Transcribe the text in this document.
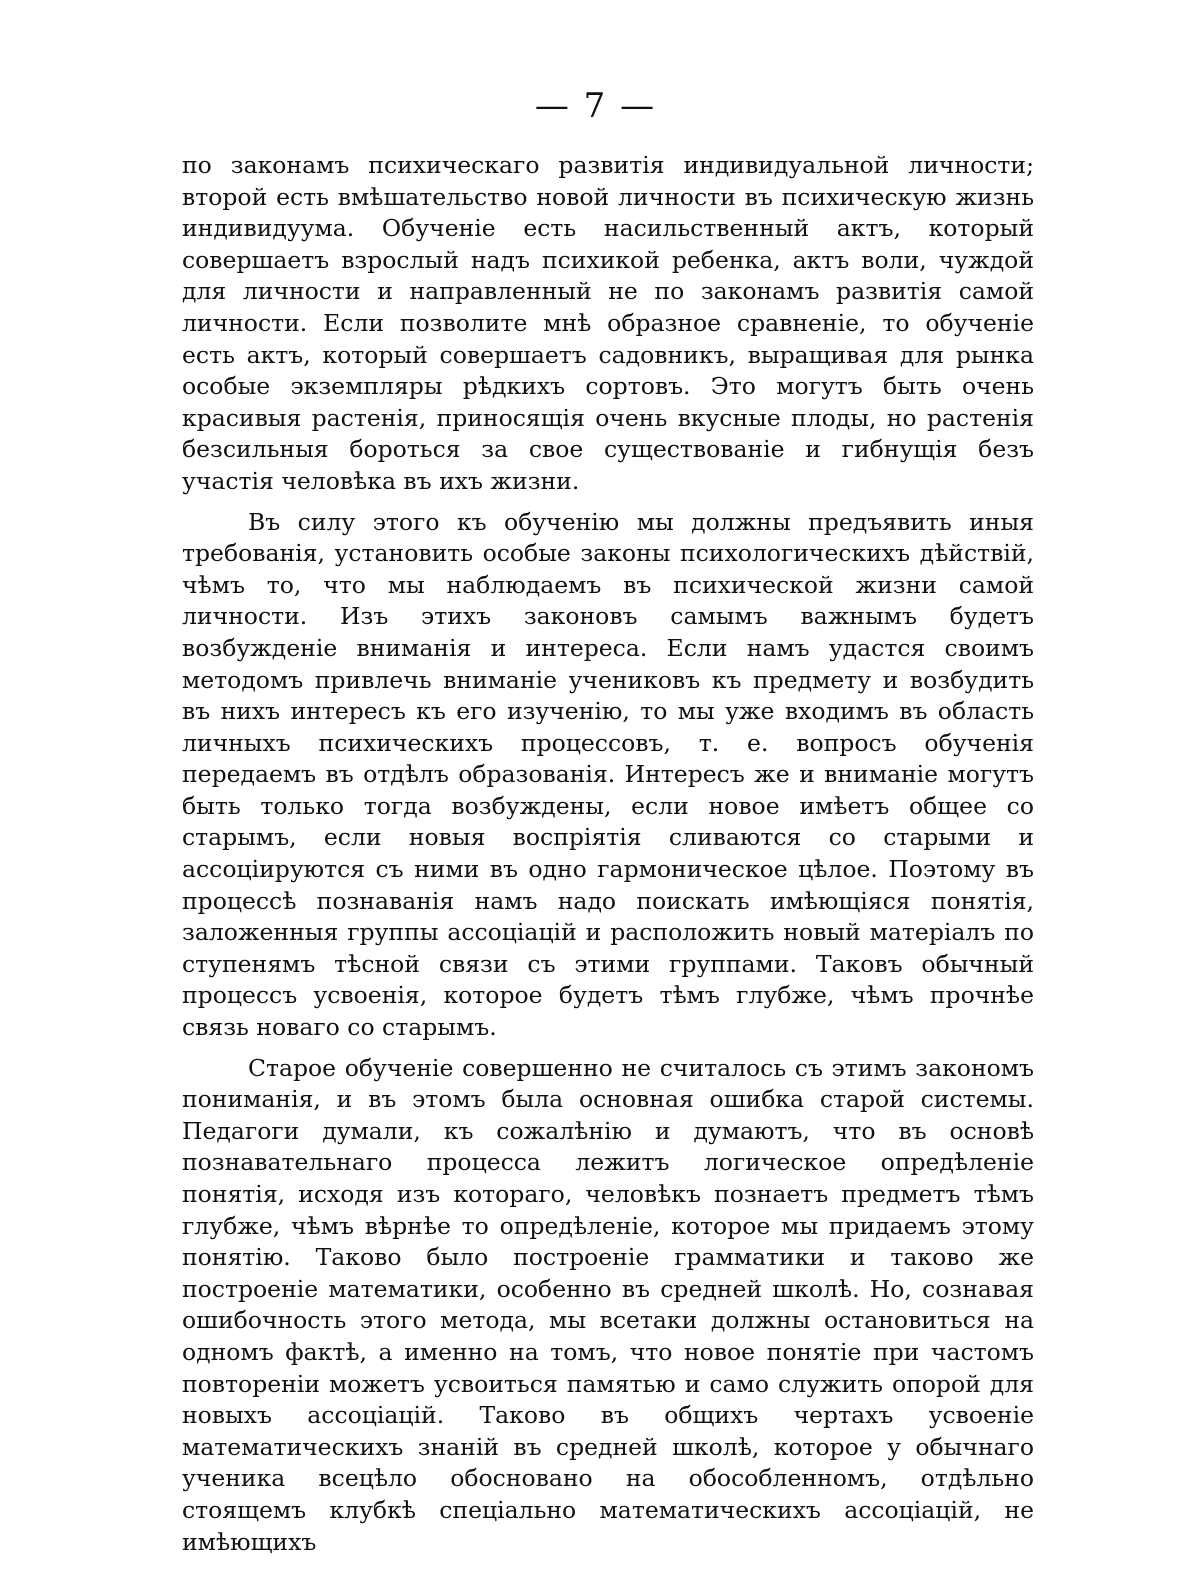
— 7 —

по законамъ психическаго развитія индивидуальной личности; второй есть вмѣшательство новой личности въ психическую жизнь индивидуума. Обученіе есть насильственный актъ, который совершаетъ взрослый надъ психикой ребенка, актъ воли, чуждой для личности и направленный не по законамъ развитія самой личности. Если позволите мнѣ образное сравненіе, то обученіе есть актъ, который совершаетъ садовникъ, выращивая для рынка особые экземпляры рѣдкихъ сортовъ. Это могутъ быть очень красивыя растенія, приносящія очень вкусные плоды, но растенія безсильныя бороться за свое существованіе и гибнущія безъ участія человѣка въ ихъ жизни.

Въ силу этого къ обученію мы должны предъявить иныя требованія, установить особые законы психологическихъ дѣйствій, чѣмъ то, что мы наблюдаемъ въ психической жизни самой личности. Изъ этихъ законовъ самымъ важнымъ будетъ возбужденіе вниманія и интереса. Если намъ удастся своимъ методомъ привлечь вниманіе учениковъ къ предмету и возбудить въ нихъ интересъ къ его изученію, то мы уже входимъ въ область личныхъ психическихъ процессовъ, т. е. вопросъ обученія передаемъ въ отдѣлъ образованія. Интересъ же и вниманіе могутъ быть только тогда возбуждены, если новое имѣетъ общее со старымъ, если новыя воспріятія сливаются со старыми и ассоціируются съ ними въ одно гармоническое цѣлое. Поэтому въ процессѣ познаванія намъ надо поискать имѣющіяся понятія, заложенныя группы ассоціацій и расположить новый матеріалъ по ступенямъ тѣсной связи съ этими группами. Таковъ обычный процессъ усвоенія, которое будетъ тѣмъ глубже, чѣмъ прочнѣе связь новаго со старымъ.

Старое обученіе совершенно не считалось съ этимъ закономъ пониманія, и въ этомъ была основная ошибка старой системы. Педагоги думали, къ сожалѣнію и думаютъ, что въ основѣ познавательнаго процесса лежитъ логическое опредѣленіе понятія, исходя изъ котораго, человѣкъ познаетъ предметъ тѣмъ глубже, чѣмъ вѣрнѣе то опредѣленіе, которое мы придаемъ этому понятію. Таково было построеніе грамматики и таково же построеніе математики, особенно въ средней школѣ. Но, сознавая ошибочность этого метода, мы всетаки должны остановиться на одномъ фактѣ, а именно на томъ, что новое понятіе при частомъ повтореніи можетъ усвоиться памятью и само служить опорой для новыхъ ассоціацій. Таково въ общихъ чертахъ усвоеніе математическихъ знаній въ средней школѣ, которое у обычнаго ученика всецѣло обосновано на обособленномъ, отдѣльно стоящемъ клубкѣ спеціально математическихъ ассоціацій, не имѣющихъ
